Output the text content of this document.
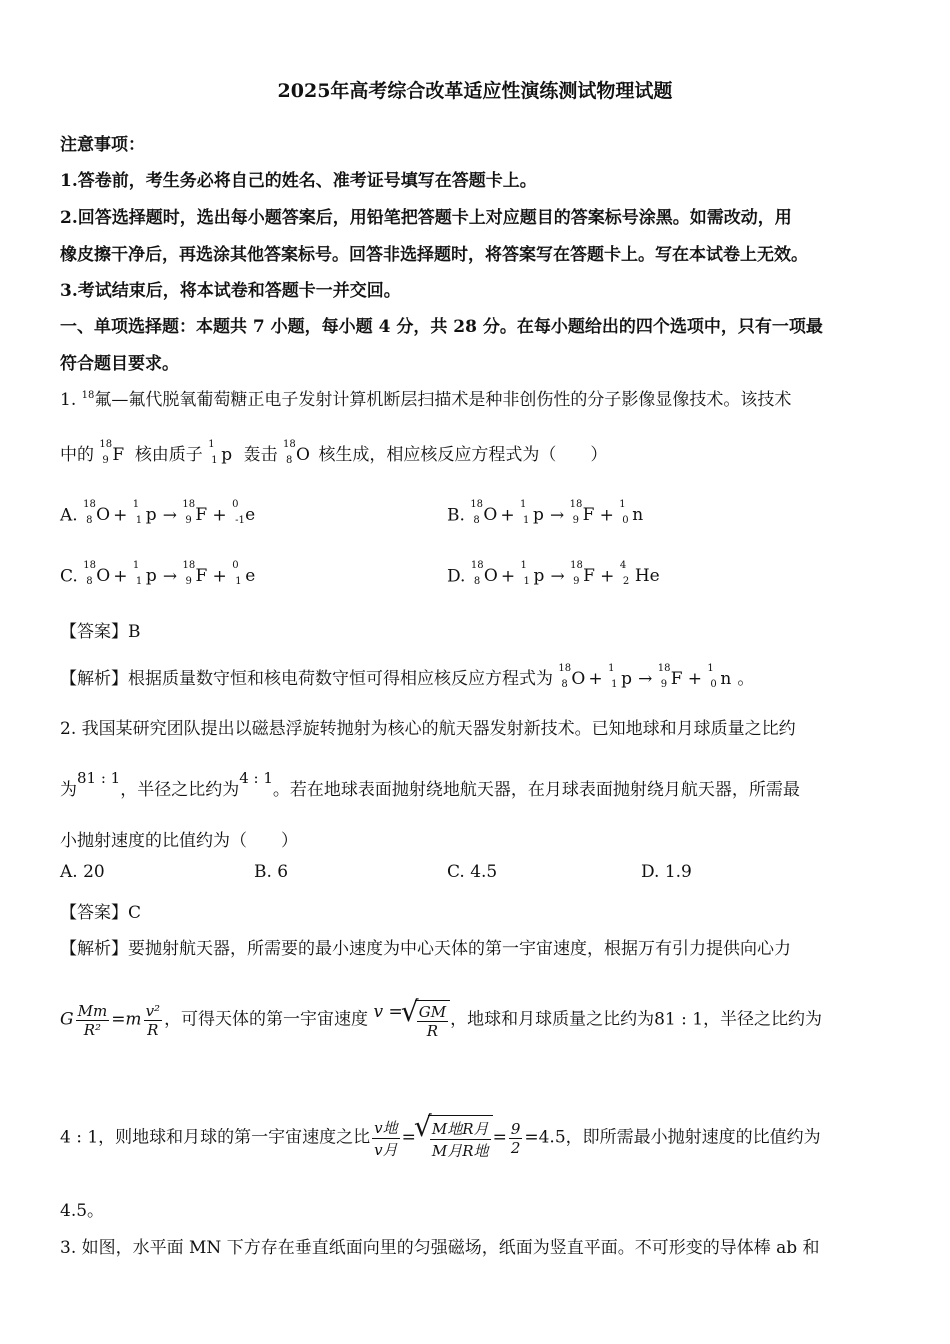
2025年高考综合改革适应性演练测试物理试题
注意事项：
1.答卷前，考生务必将自己的姓名、准考证号填写在答题卡上。
2.回答选择题时，选出每小题答案后，用铅笔把答题卡上对应题目的答案标号涂黑。如需改动，用
橡皮擦干净后，再选涂其他答案标号。回答非选择题时，将答案写在答题卡上。写在本试卷上无效。
3.考试结束后，将本试卷和答题卡一并交回。
一、单项选择题：本题共 7 小题，每小题 4 分，共 28 分。在每小题给出的四个选项中，只有一项最
符合题目要求。
1. $^{18}$氟—氟代脱氧葡萄糖正电子发射计算机断层扫描术是种非创伤性的分子影像显像技术。该技术
中的
18
9 F 核由质子
1
1 p 轰击
18
8 O 核生成，相应核反应方程式为（　　）
A.
18
8 O +
1
1 p →
18
9 F +
0
-1 e	B.
18
8 O +
1
1 p →
18
9 F +
1
0 n
C.
18
8 O +
1
1 p →
18
9 F +
0
1 e	D.
18
8 O +
1
1 p →
18
9 F +
4
2 He
【答案】B
【解析】根据质量数守恒和核电荷数守恒可得相应核反应方程式为
18
8 O +
1
1 p →
18
9 F +
1
0 n 。
2. 我国某研究团队提出以磁悬浮旋转抛射为核心的航天器发射新技术。已知地球和月球质量之比约
为81 : 1，半径之比约为4 : 1。若在地球表面抛射绕地航天器，在月球表面抛射绕月航天器，所需最
小抛射速度的比值约为（　　）
A. 20	B. 6	C. 4.5	D. 1.9
【答案】C
【解析】要抛射航天器，所需要的最小速度为中心天体的第一宇宙速度，根据万有引力提供向心力
G $\frac{Mm}{\text{R²}} =m \frac{\text{v²}}{R}$ ，可得天体的第一宇宙速度 v = √ $\frac{GM}{R}$ ，地球和月球质量之比约为81 : 1，半径之比约为
4 : 1，则地球和月球的第一宇宙速度之比 $\frac{\text{v地}}{\text{v月}}$ = √ $\frac{\text{M地R月}}{\text{M月R地}} = \frac{9}{2} =4.5$，即所需最小抛射速度的比值约为
4.5。
3. 如图，水平面 MN 下方存在垂直纸面向里的匀强磁场，纸面为竖直平面。不可形变的导体棒 ab 和
